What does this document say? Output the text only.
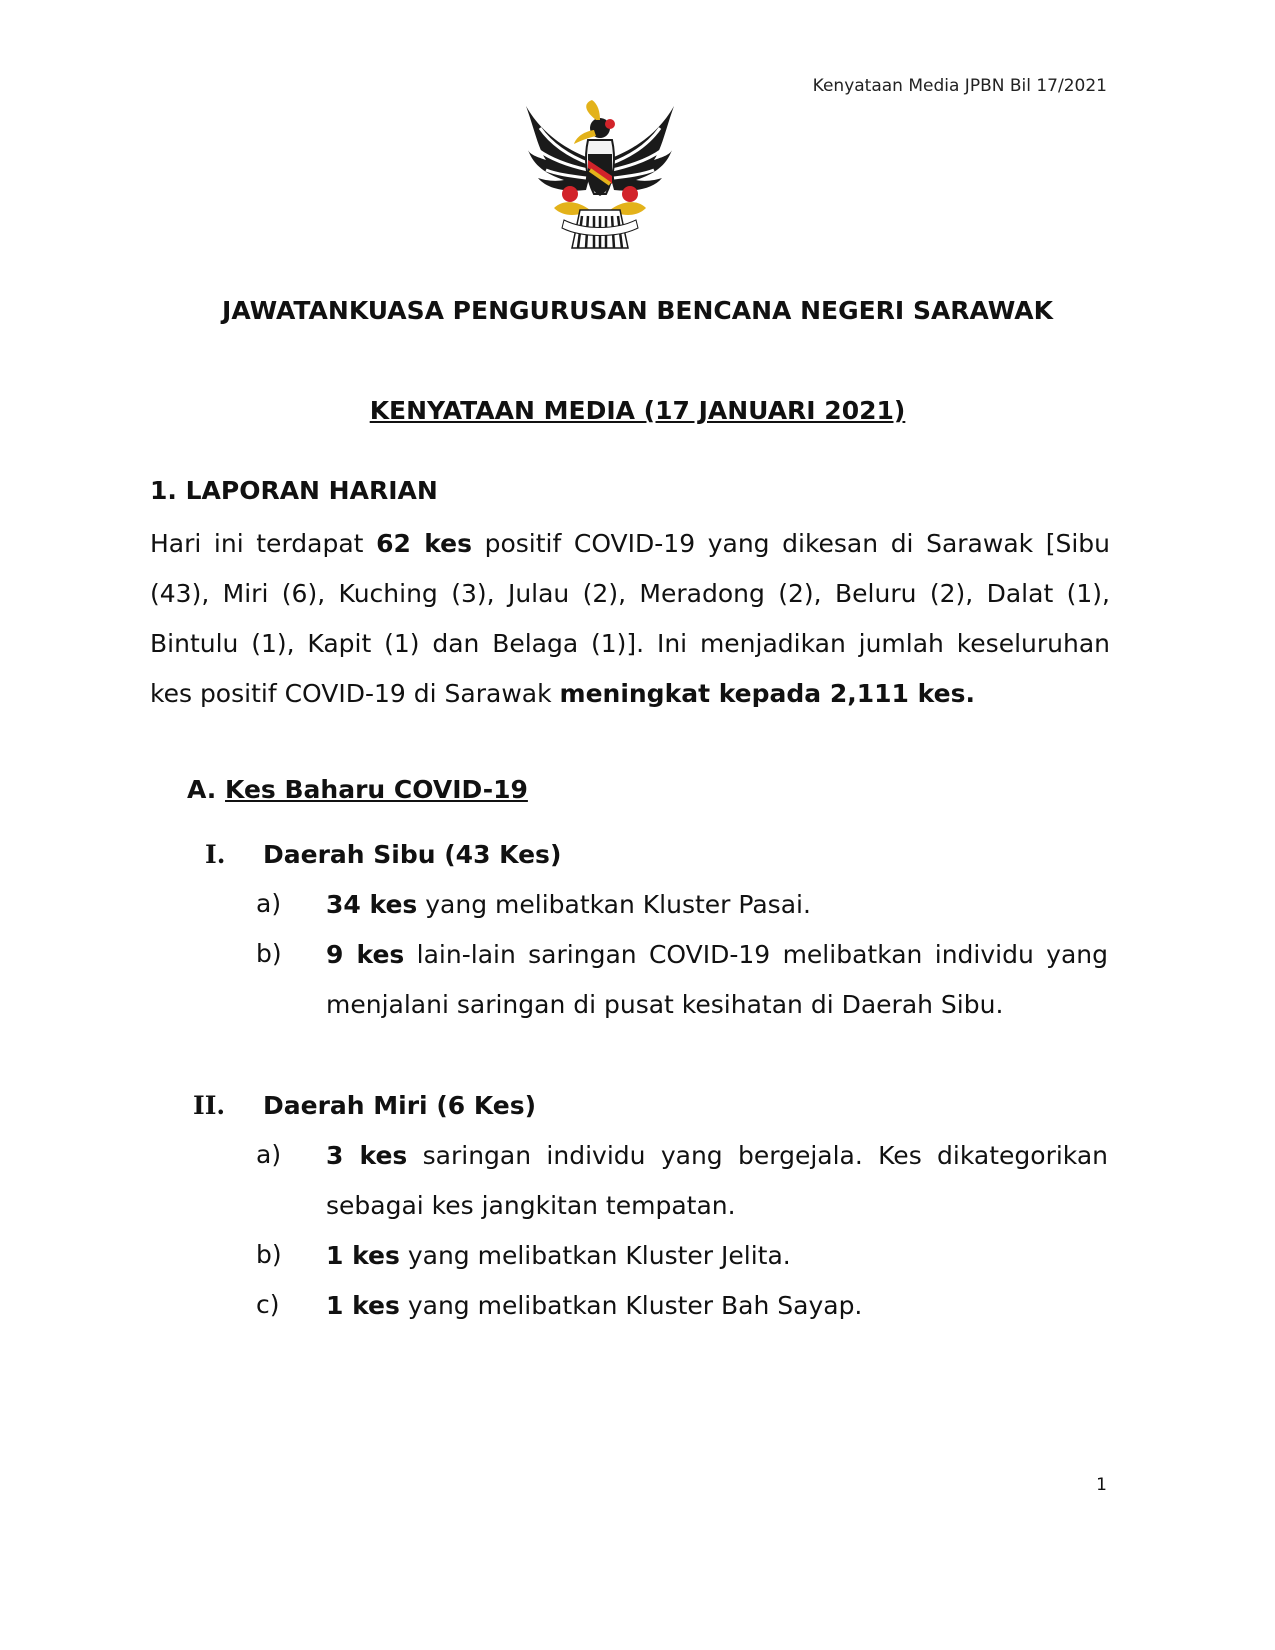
Kenyataan Media JPBN Bil 17/2021
JAWATANKUASA PENGURUSAN BENCANA NEGERI SARAWAK
KENYATAAN MEDIA (17 JANUARI 2021)
1. LAPORAN HARIAN
Hari ini terdapat 62 kes positif COVID-19 yang dikesan di Sarawak [Sibu (43), Miri (6), Kuching (3), Julau (2), Meradong (2), Beluru (2), Dalat (1), Bintulu (1), Kapit (1) dan Belaga (1)]. Ini menjadikan jumlah keseluruhan kes positif COVID-19 di Sarawak meningkat kepada 2,111 kes.
A. Kes Baharu COVID-19
I. Daerah Sibu (43 Kes)
a) 34 kes yang melibatkan Kluster Pasai.
b) 9 kes lain-lain saringan COVID-19 melibatkan individu yang menjalani saringan di pusat kesihatan di Daerah Sibu.
II. Daerah Miri (6 Kes)
a) 3 kes saringan individu yang bergejala. Kes dikategorikan sebagai kes jangkitan tempatan.
b) 1 kes yang melibatkan Kluster Jelita.
c) 1 kes yang melibatkan Kluster Bah Sayap.
1
